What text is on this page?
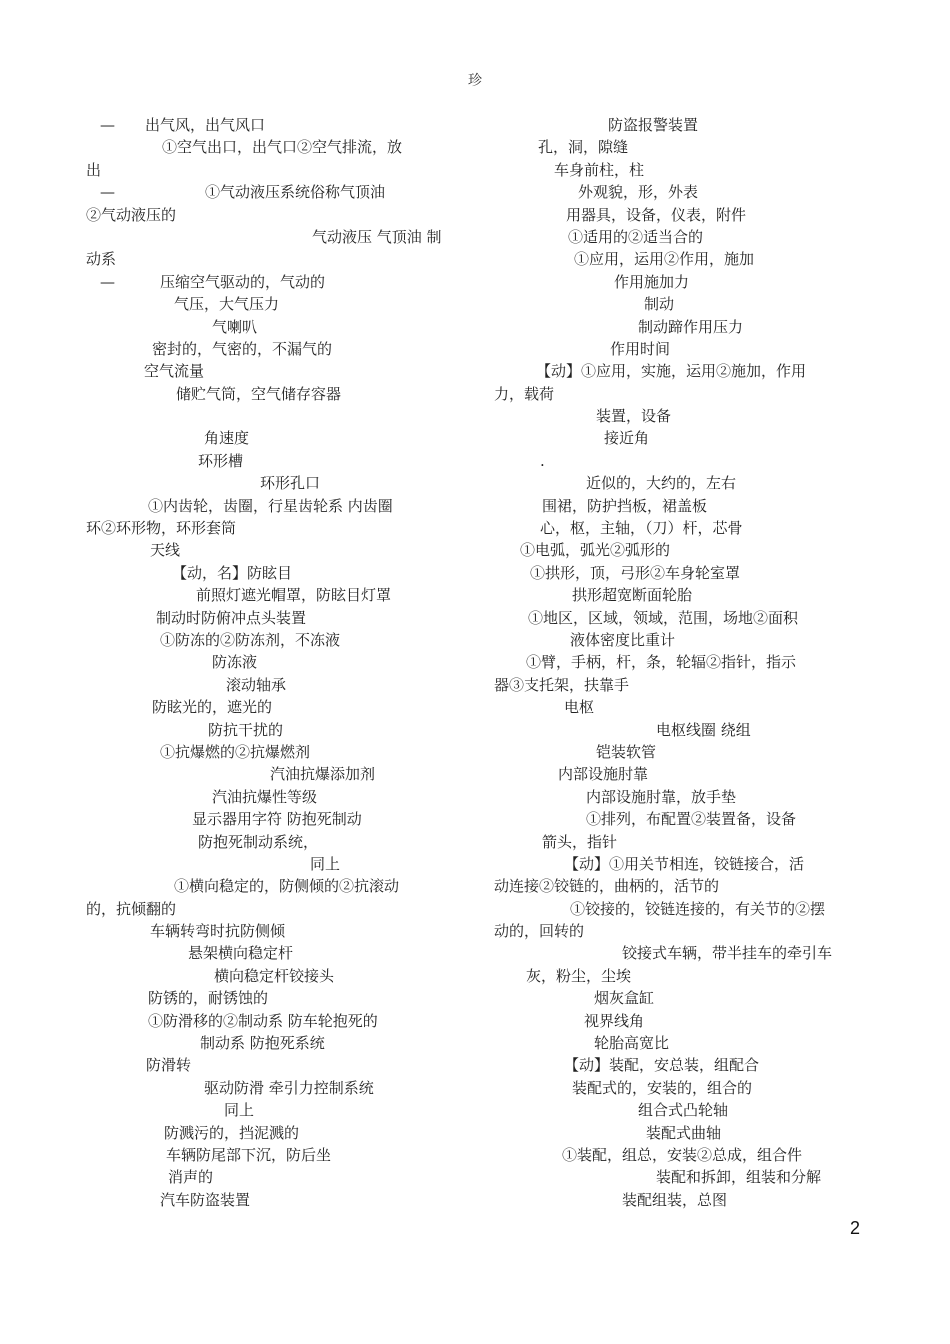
珍
—　　出气风，出气风口
①空气出口，出气口②空气排流，放
出
—　　　　　　①气动液压系统俗称气顶油
②气动液压的
气动液压 气顶油 制
动系
—　　　压缩空气驱动的，气动的
气压，大气压力
气喇叭
密封的，气密的，不漏气的
空气流量
储贮气筒，空气储存容器
角速度
环形槽
环形孔口
①内齿轮，齿圈，行星齿轮系 内齿圈
环②环形物，环形套筒
天线
【动，名】防眩目
前照灯遮光帽罩，防眩目灯罩
制动时防俯冲点头装置
①防冻的②防冻剂，不冻液
防冻液
滚动轴承
防眩光的，遮光的
防抗干扰的
①抗爆燃的②抗爆燃剂
汽油抗爆添加剂
汽油抗爆性等级
显示器用字符 防抱死制动
防抱死制动系统，
同上
①横向稳定的，防侧倾的②抗滚动
的，抗倾翻的
车辆转弯时抗防侧倾
悬架横向稳定杆
横向稳定杆铰接头
防锈的，耐锈蚀的
①防滑移的②制动系 防车轮抱死的
制动系 防抱死系统
防滑转
驱动防滑 牵引力控制系统
同上
防溅污的，挡泥溅的
车辆防尾部下沉，防后坐
消声的
汽车防盗装置
防盗报警装置
孔，洞，隙缝
车身前柱，柱
外观貌，形，外表
用器具，设备，仪表，附件
①适用的②适当合的
①应用，运用②作用，施加
作用施加力
制动
制动蹄作用压力
作用时间
【动】①应用，实施，运用②施加，作用
力，载荷
装置，设备
接近角
.
近似的，大约的，左右
围裙，防护挡板，裙盖板
心，枢，主轴，（刀）杆，芯骨
①电弧，弧光②弧形的
①拱形，顶，弓形②车身轮室罩
拱形超宽断面轮胎
①地区，区域，领域，范围，场地②面积
液体密度比重计
①臂，手柄，杆，条，轮辐②指针，指示
器③支托架，扶靠手
电枢
电枢线圈 绕组
铠装软管
内部设施肘靠
内部设施肘靠，放手垫
①排列，布配置②装置备，设备
箭头，指针
【动】①用关节相连，铰链接合，活
动连接②铰链的，曲柄的，活节的
①铰接的，铰链连接的，有关节的②摆
动的，回转的
铰接式车辆，带半挂车的牵引车
灰，粉尘，尘埃
烟灰盒缸
视界线角
轮胎高宽比
【动】装配，安总装，组配合
装配式的，安装的，组合的
组合式凸轮轴
装配式曲轴
①装配，组总，安装②总成，组合件
装配和拆卸，组装和分解
装配组装，总图
2
